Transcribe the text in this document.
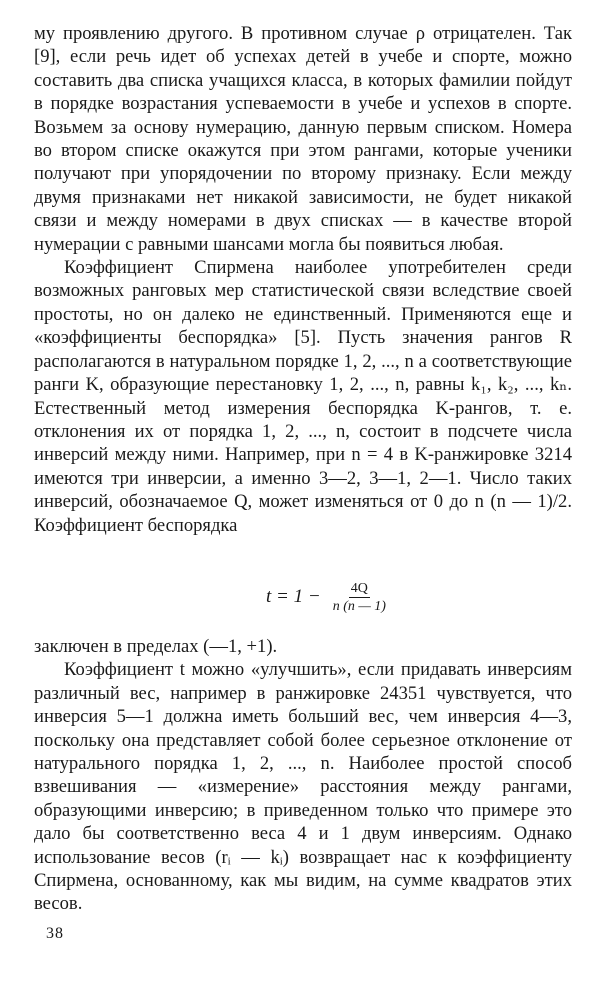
му проявлению другого. В противном случае ρ отрицателен. Так [9], если речь идет об успехах детей в учебе и спорте, можно составить два списка учащихся класса, в которых фамилии пойдут в порядке возрастания успеваемости в учебе и успехов в спорте. Возьмем за основу нумерацию, данную первым списком. Номера во втором списке окажутся при этом рангами, которые ученики получают при упорядочении по второму признаку. Если между двумя признаками нет никакой зависимости, не будет никакой связи и между номерами в двух списках — в качестве второй нумерации с равными шансами могла бы появиться любая.

Коэффициент Спирмена наиболее употребителен среди возможных ранговых мер статистической связи вследствие своей простоты, но он далеко не единственный. Применяются еще и «коэффициенты беспорядка» [5]. Пусть значения рангов R располагаются в натуральном порядке 1, 2, ..., n а соответствующие ранги K, образующие перестановку 1, 2, ..., n, равны k₁, k₂, ..., kₙ. Естественный метод измерения беспорядка K-рангов, т. е. отклонения их от порядка 1, 2, ..., n, состоит в подсчете числа инверсий между ними. Например, при n = 4 в K-ранжировке 3214 имеются три инверсии, а именно 3—2, 3—1, 2—1. Число таких инверсий, обозначаемое Q, может изменяться от 0 до n (n — 1)/2. Коэффициент беспорядка

$t = 1 - \frac{4Q}{n (n — 1)}$

заключен в пределах (—1, +1).

Коэффициент t можно «улучшить», если придавать инверсиям различный вес, например в ранжировке 24351 чувствуется, что инверсия 5—1 должна иметь больший вес, чем инверсия 4—3, поскольку она представляет собой более серьезное отклонение от натурального порядка 1, 2, ..., n. Наиболее простой способ взвешивания — «измерение» расстояния между рангами, образующими инверсию; в приведенном только что примере это дало бы соответственно веса 4 и 1 двум инверсиям. Однако использование весов (rᵢ — kᵢ) возвращает нас к коэффициенту Спирмена, основанному, как мы видим, на сумме квадратов этих весов.

38
